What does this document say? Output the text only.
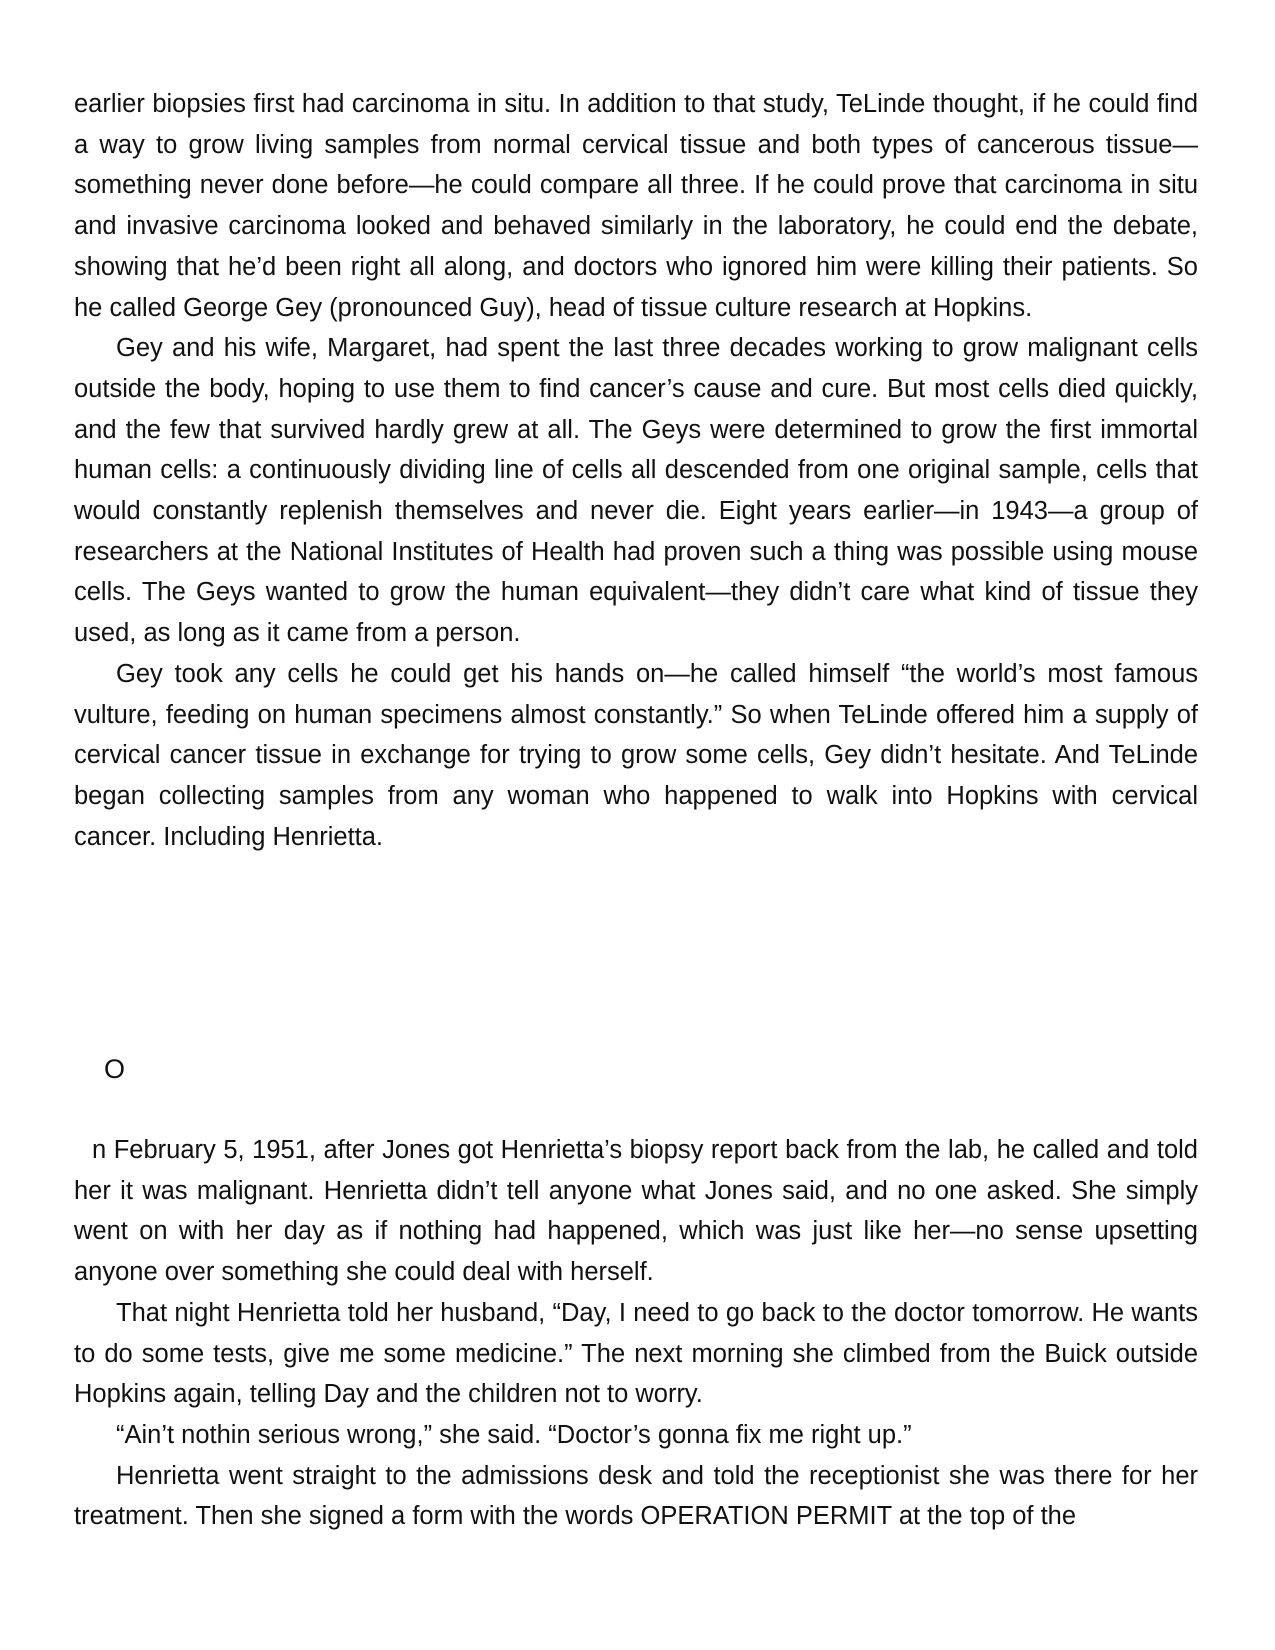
earlier biopsies first had carcinoma in situ. In addition to that study, TeLinde thought, if he could find a way to grow living samples from normal cervical tissue and both types of cancerous tissue—something never done before—he could compare all three. If he could prove that carcinoma in situ and invasive carcinoma looked and behaved similarly in the laboratory, he could end the debate, showing that he’d been right all along, and doctors who ignored him were killing their patients. So he called George Gey (pronounced Guy), head of tissue culture research at Hopkins.

Gey and his wife, Margaret, had spent the last three decades working to grow malignant cells outside the body, hoping to use them to find cancer’s cause and cure. But most cells died quickly, and the few that survived hardly grew at all. The Geys were determined to grow the first immortal human cells: a continuously dividing line of cells all descended from one original sample, cells that would constantly replenish themselves and never die. Eight years earlier—in 1943—a group of researchers at the National Institutes of Health had proven such a thing was possible using mouse cells. The Geys wanted to grow the human equivalent—they didn’t care what kind of tissue they used, as long as it came from a person.

Gey took any cells he could get his hands on—he called himself “the world’s most famous vulture, feeding on human specimens almost constantly.” So when TeLinde offered him a supply of cervical cancer tissue in exchange for trying to grow some cells, Gey didn’t hesitate. And TeLinde began collecting samples from any woman who happened to walk into Hopkins with cervical cancer. Including Henrietta.

O

n February 5, 1951, after Jones got Henrietta’s biopsy report back from the lab, he called and told her it was malignant. Henrietta didn’t tell anyone what Jones said, and no one asked. She simply went on with her day as if nothing had happened, which was just like her—no sense upsetting anyone over something she could deal with herself.

That night Henrietta told her husband, “Day, I need to go back to the doctor tomorrow. He wants to do some tests, give me some medicine.” The next morning she climbed from the Buick outside Hopkins again, telling Day and the children not to worry.

“Ain’t nothin serious wrong,” she said. “Doctor’s gonna fix me right up.”

Henrietta went straight to the admissions desk and told the receptionist she was there for her treatment. Then she signed a form with the words OPERATION PERMIT at the top of the
